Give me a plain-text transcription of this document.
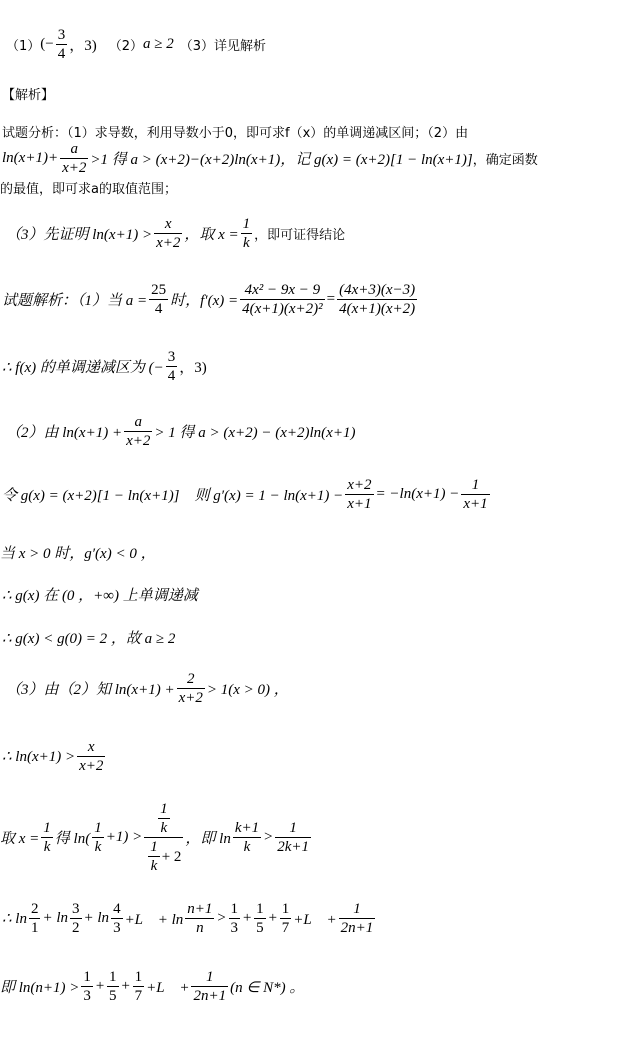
（1） (− $\frac{3}{4}$ ，3) （2） a ≥ 2 （3）详见解析
【解析】
试题分析：（1）求导数，利用导数小于0，即可求f（x）的单调递减区间；（2）由
$\ln(x+1)+ \frac{a}{x+2} >1$ 得 a > (x+2)−(x+2)ln(x+1) ，记 g(x) = (x+2)[1 − ln(x+1)] ，确定函数
的最值，即可求a的取值范围；
（3）先证明 $\ln(x+1) > \frac{x}{x+2}$ ，取 $x = \frac{1}{k}$ ，即可证得结论
试题解析：（1）当 $a = \frac{25}{4}$ 时，$f'(x) = \frac{\text{4x² − 9x − 9}}{\text{4(x+1)(x+2)²}} = \frac{(4x+3)(x-3)}{4(x+1)(x+2)}$
∴ f(x) 的单调递减区为 (− $\frac{3}{4}$ ，3)
（2）由 $\ln(x+1) + \frac{a}{x+2} > 1$ 得 a > (x+2) − (x+2)ln(x+1)
令 g(x) = (x+2)[1 − ln(x+1)]　则 $g'(x) = 1 - \ln(x+1) - \frac{x+2}{x+1} = -\ln(x+1) - \frac{1}{x+1}$
当 x > 0 时，g′(x) < 0 ，
∴ g(x) 在 (0 ，+∞) 上单调递减
∴ g(x) < g(0) = 2 ，故 a ≥ 2
（3）由（2）知 $\ln(x+1) + \frac{2}{x+2} > 1(x > 0)$ ，
∴ $\ln(x+1) > \frac{x}{x+2}$
取 $x = \frac{1}{k}$ 得 $\ln( \frac{1}{k} +1) > \frac{\frac{1}{k}}{\frac{1}{k} + 2}$ ，即 $\ln \frac{k+1}{k} > \frac{1}{2k+1}$
∴ $\ln \frac{2}{1} + \ln \frac{3}{2} + \ln \frac{4}{3} +L$　+ $\ln \frac{n+1}{n} > \frac{1}{3} + \frac{1}{5} + \frac{1}{7} +L$　+ $\frac{1}{2n+1}$
即 $\ln(n+1) > \frac{1}{3} + \frac{1}{5} + \frac{1}{7} +L$　+ $\frac{1}{2n+1} (n$ ∈ N*) 。
